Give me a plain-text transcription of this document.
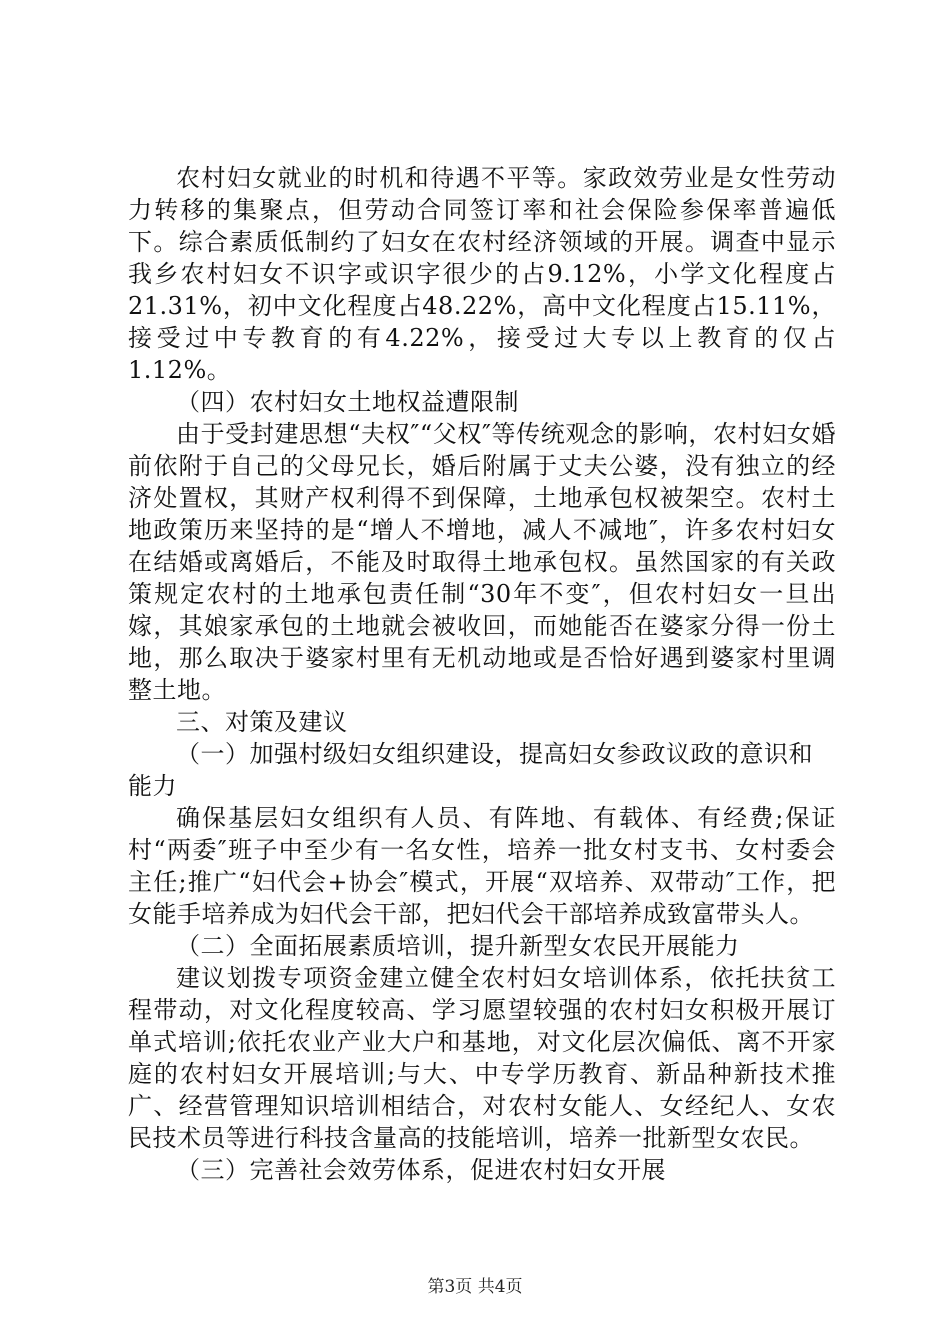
农村妇女就业的时机和待遇不平等。家政效劳业是女性劳动力转移的集聚点，但劳动合同签订率和社会保险参保率普遍低下。综合素质低制约了妇女在农村经济领域的开展。调查中显示我乡农村妇女不识字或识字很少的占9.12%，小学文化程度占21.31%，初中文化程度占48.22%，高中文化程度占15.11%，接受过中专教育的有4.22%，接受过大专以上教育的仅占1.12%。

（四）农村妇女土地权益遭限制

由于受封建思想“夫权″“父权″等传统观念的影响，农村妇女婚前依附于自己的父母兄长，婚后附属于丈夫公婆，没有独立的经济处置权，其财产权利得不到保障，土地承包权被架空。农村土地政策历来坚持的是“增人不增地，减人不减地″，许多农村妇女在结婚或离婚后，不能及时取得土地承包权。虽然国家的有关政策规定农村的土地承包责任制“30年不变″，但农村妇女一旦出嫁，其娘家承包的土地就会被收回，而她能否在婆家分得一份土地，那么取决于婆家村里有无机动地或是否恰好遇到婆家村里调整土地。

三、对策及建议

（一）加强村级妇女组织建设，提高妇女参政议政的意识和能力

确保基层妇女组织有人员、有阵地、有载体、有经费;保证村“两委″班子中至少有一名女性，培养一批女村支书、女村委会主任;推广“妇代会+协会″模式，开展“双培养、双带动″工作，把女能手培养成为妇代会干部，把妇代会干部培养成致富带头人。

（二）全面拓展素质培训，提升新型女农民开展能力

建议划拨专项资金建立健全农村妇女培训体系，依托扶贫工程带动，对文化程度较高、学习愿望较强的农村妇女积极开展订单式培训;依托农业产业大户和基地，对文化层次偏低、离不开家庭的农村妇女开展培训;与大、中专学历教育、新品种新技术推广、经营管理知识培训相结合，对农村女能人、女经纪人、女农民技术员等进行科技含量高的技能培训，培养一批新型女农民。

（三）完善社会效劳体系，促进农村妇女开展

第3页 共4页
